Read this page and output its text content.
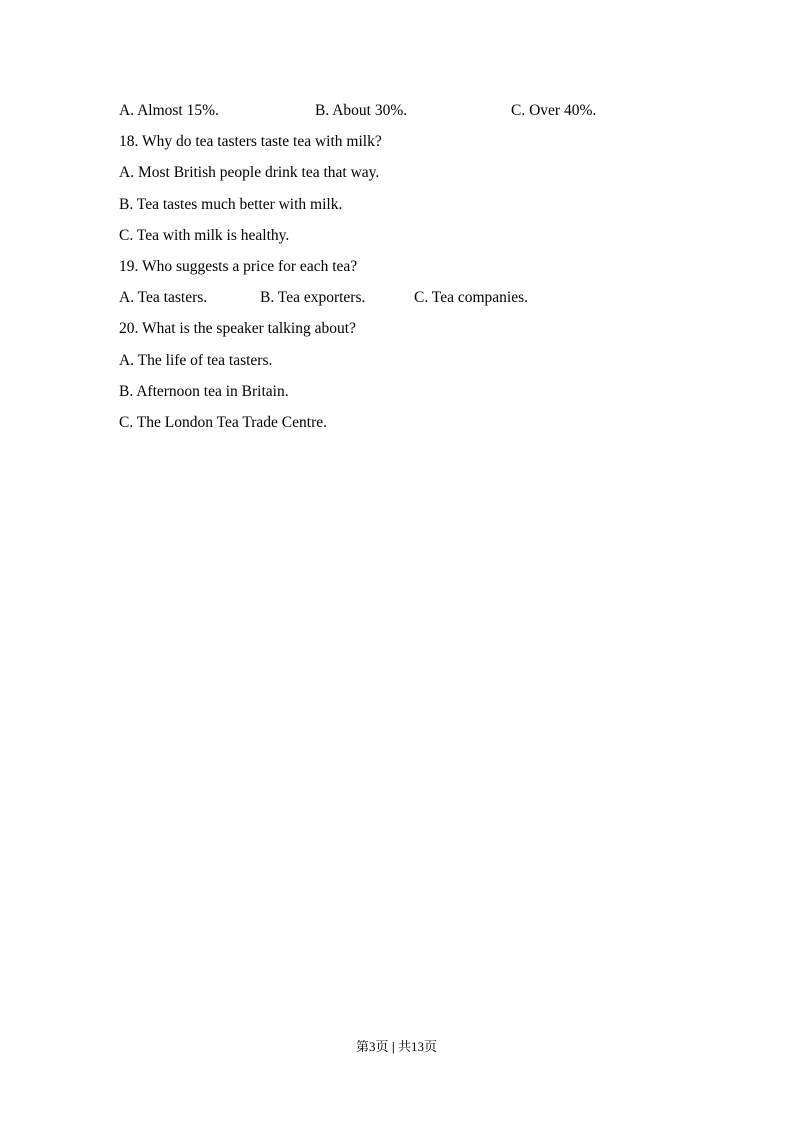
A. Almost 15%.	B. About 30%.	C. Over 40%.
18. Why do tea tasters taste tea with milk?
A. Most British people drink tea that way.
B. Tea tastes much better with milk.
C. Tea with milk is healthy.
19. Who suggests a price for each tea?
A. Tea tasters.	B. Tea exporters.	C. Tea companies.
20. What is the speaker talking about?
A. The life of tea tasters.
B. Afternoon tea in Britain.
C. The London Tea Trade Centre.
第3页 | 共13页
